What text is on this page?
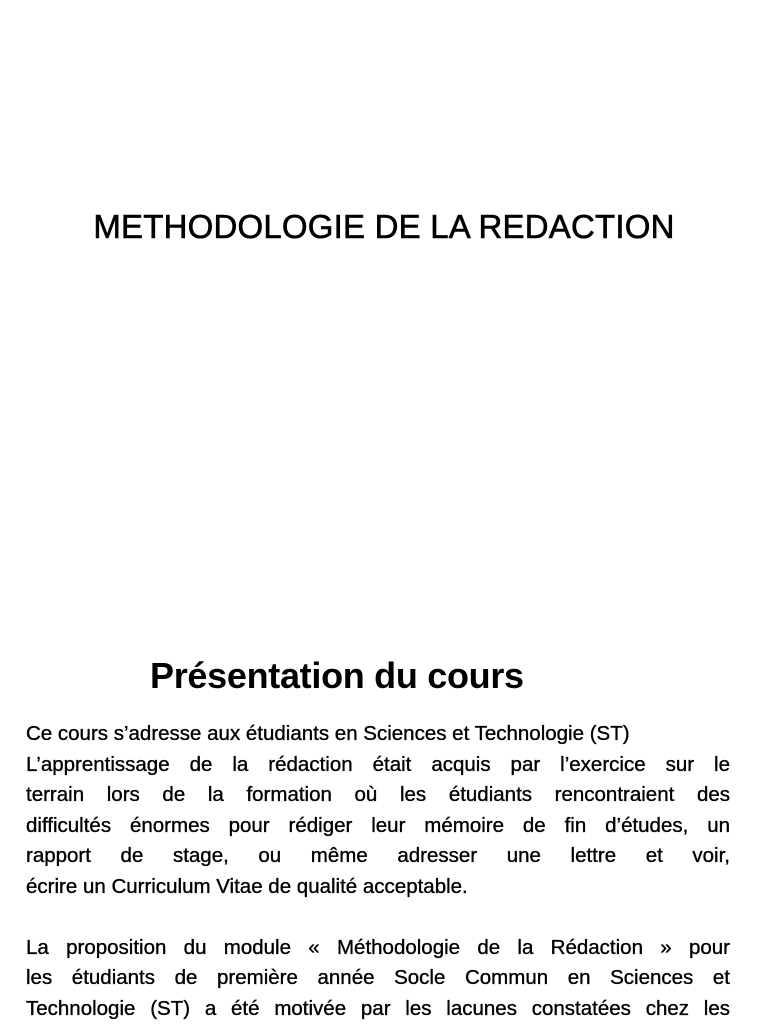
METHODOLOGIE DE LA REDACTION
Présentation du cours

Ce cours s’adresse aux étudiants en Sciences et Technologie (ST)
L’apprentissage de la rédaction était acquis par l’exercice sur le
terrain lors de la formation où les étudiants rencontraient des
difficultés énormes pour rédiger leur mémoire de fin d’études, un
rapport de stage, ou même adresser une lettre et voir,
écrire un Curriculum Vitae de qualité acceptable.

La proposition du module « Méthodologie de la Rédaction » pour
les étudiants de première année Socle Commun en Sciences et
Technologie (ST) a été motivée par les lacunes constatées chez les
